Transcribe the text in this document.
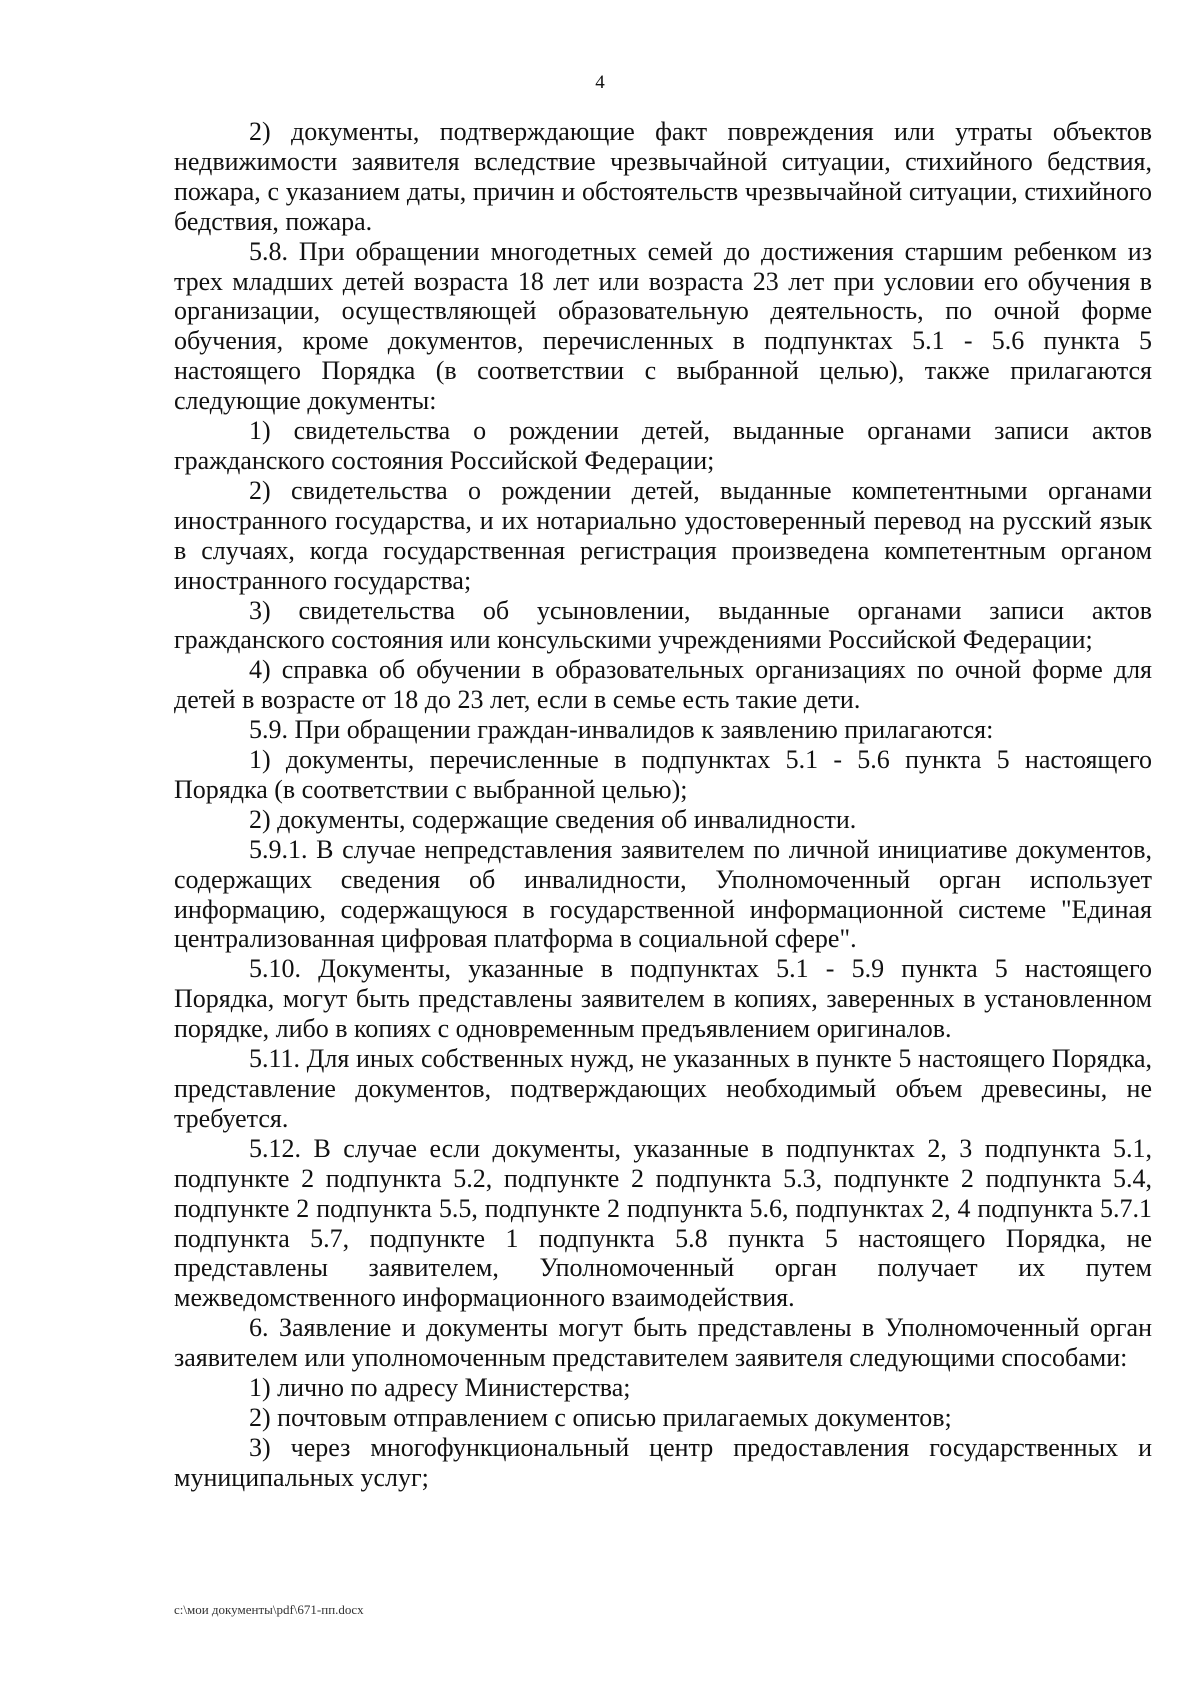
4

2) документы, подтверждающие факт повреждения или утраты объектов недвижимости заявителя вследствие чрезвычайной ситуации, стихийного бедствия, пожара, с указанием даты, причин и обстоятельств чрезвычайной ситуации, стихийного бедствия, пожара.

5.8. При обращении многодетных семей до достижения старшим ребенком из трех младших детей возраста 18 лет или возраста 23 лет при условии его обучения в организации, осуществляющей образовательную деятельность, по очной форме обучения, кроме документов, перечисленных в подпунктах 5.1 - 5.6 пункта 5 настоящего Порядка (в соответствии с выбранной целью), также прилагаются следующие документы:

1) свидетельства о рождении детей, выданные органами записи актов гражданского состояния Российской Федерации;

2) свидетельства о рождении детей, выданные компетентными органами иностранного государства, и их нотариально удостоверенный перевод на русский язык в случаях, когда государственная регистрация произведена компетентным органом иностранного государства;

3) свидетельства об усыновлении, выданные органами записи актов гражданского состояния или консульскими учреждениями Российской Федерации;

4) справка об обучении в образовательных организациях по очной форме для детей в возрасте от 18 до 23 лет, если в семье есть такие дети.

5.9. При обращении граждан-инвалидов к заявлению прилагаются:

1) документы, перечисленные в подпунктах 5.1 - 5.6 пункта 5 настоящего Порядка (в соответствии с выбранной целью);

2) документы, содержащие сведения об инвалидности.

5.9.1. В случае непредставления заявителем по личной инициативе документов, содержащих сведения об инвалидности, Уполномоченный орган использует информацию, содержащуюся в государственной информационной системе "Единая централизованная цифровая платформа в социальной сфере".

5.10. Документы, указанные в подпунктах 5.1 - 5.9 пункта 5 настоящего Порядка, могут быть представлены заявителем в копиях, заверенных в установленном порядке, либо в копиях с одновременным предъявлением оригиналов.

5.11. Для иных собственных нужд, не указанных в пункте 5 настоящего Порядка, представление документов, подтверждающих необходимый объем древесины, не требуется.

5.12. В случае если документы, указанные в подпунктах 2, 3 подпункта 5.1, подпункте 2 подпункта 5.2, подпункте 2 подпункта 5.3, подпункте 2 подпункта 5.4, подпункте 2 подпункта 5.5, подпункте 2 подпункта 5.6, подпунктах 2, 4 подпункта 5.7.1 подпункта 5.7, подпункте 1 подпункта 5.8 пункта 5 настоящего Порядка, не представлены заявителем, Уполномоченный орган получает их путем межведомственного информационного взаимодействия.

6. Заявление и документы могут быть представлены в Уполномоченный орган заявителем или уполномоченным представителем заявителя следующими способами:

1) лично по адресу Министерства;

2) почтовым отправлением с описью прилагаемых документов;

3) через многофункциональный центр предоставления государственных и муниципальных услуг;

c:\мои документы\pdf\671-пп.docx
